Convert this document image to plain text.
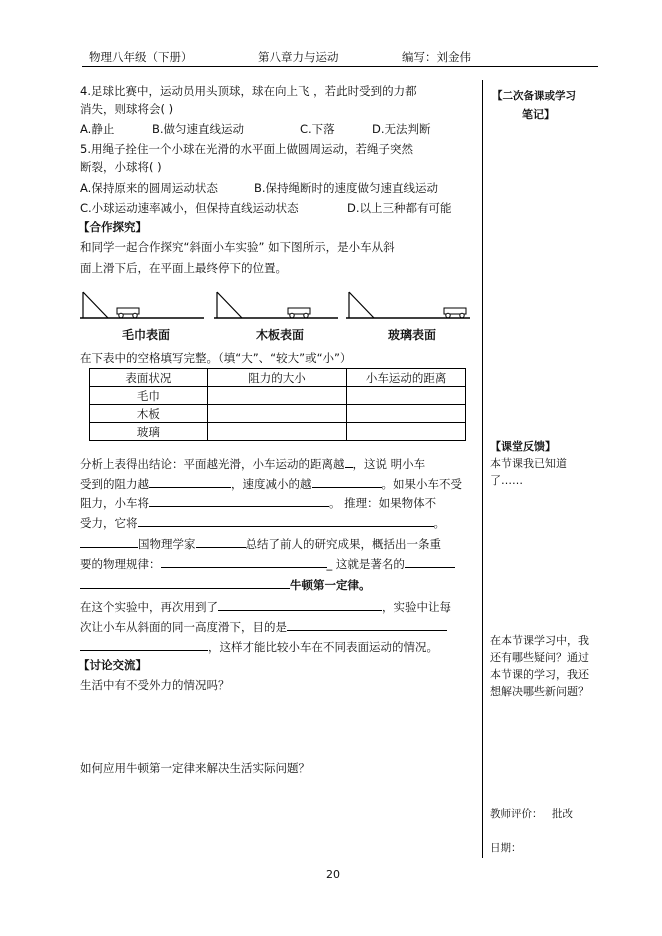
物理八年级（下册）	第八章力与运动	编写：刘金伟
4.足球比赛中，运动员用头顶球，球在向上飞 ，若此时受到的力都
消失，则球将会( )
A.静止	B.做匀速直线运动	C.下落	D.无法判断
5.用绳子拴住一个小球在光滑的水平面上做圆周运动，若绳子突然
断裂，小球将( )
A.保持原来的圆周运动状态	B.保持绳断时的速度做匀速直线运动
C.小球运动速率减小，但保持直线运动状态	D.以上三种都有可能
【合作探究】
和同学一起合作探究“斜面小车实验” 如下图所示，是小车从斜
面上滑下后，在平面上最终停下的位置。
毛巾表面	木板表面	玻璃表面
在下表中的空格填写完整。（填“大”、“较大”或“小”）
表面状况	阻力的大小	小车运动的距离
毛巾		
木板		
玻璃		
分析上表得出结论：平面越光滑，小车运动的距离越 ，这说 明小车
受到的阻力越	，速度减小的越	。如果小车不受
阻力，小车将	。 推理：如果物体不
受力，它将	。
国物理学家	总结了前人的研究成果，概括出一条重
要的物理规律：	_ 这就是著名的
牛顿第一定律。
在这个实验中，再次用到了	，实验中让每
次让小车从斜面的同一高度滑下，目的是
，这样才能比较小车在不同表面运动的情况。
【讨论交流】
生活中有不受外力的情况吗？
如何应用牛顿第一定律来解决生活实际问题？
【二次备课或学习
笔记】
【课堂反馈】
本节课我已知道了……
在本节课学习中，我还有哪些疑问？通过本节课的学习，我还想解决哪些新问题？
教师评价： 批改
日期：
20
